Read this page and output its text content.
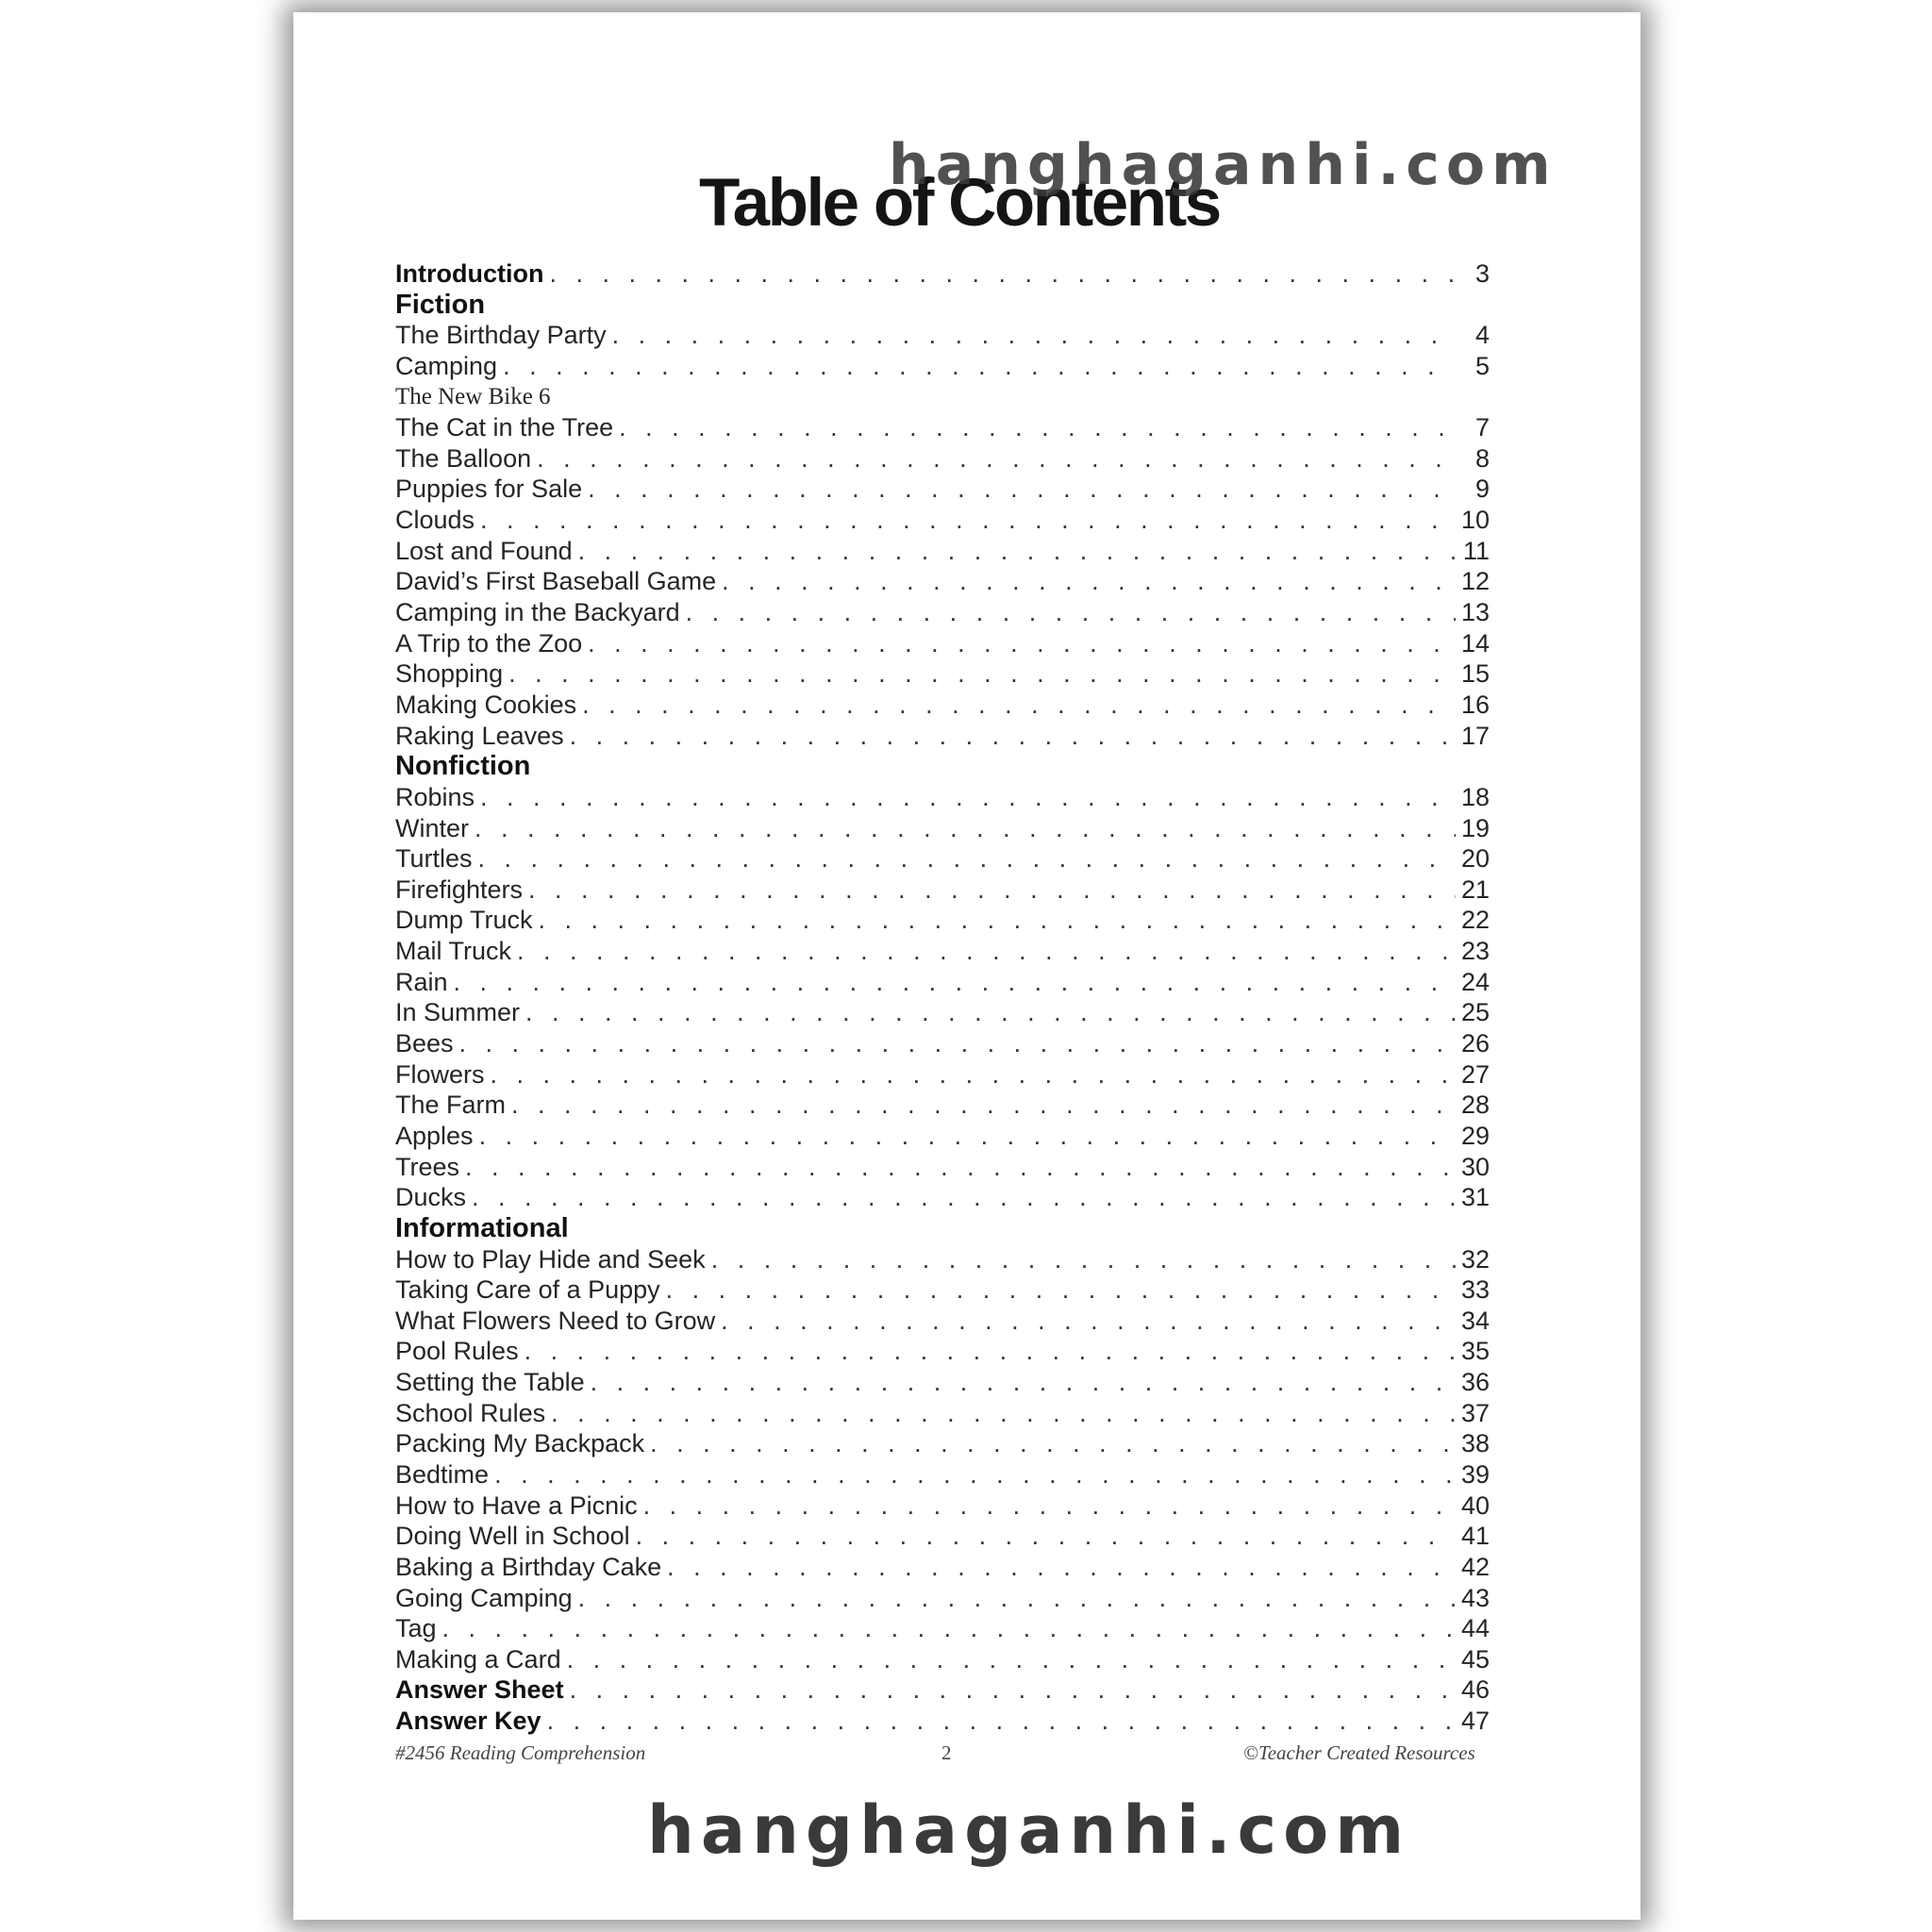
Table of Contents
hanghaganhi.com
Introduction . . .	3
Fiction
The Birthday Party . . .	4
Camping . . .	5
The New Bike 6
The Cat in the Tree . . .	7
The Balloon . . .	8
Puppies for Sale . . .	9
Clouds . . .	10
Lost and Found . . .	11
David’s First Baseball Game . . .	12
Camping in the Backyard . . .	13
A Trip to the Zoo . . .	14
Shopping . . .	15
Making Cookies . . .	16
Raking Leaves . . .	17
Nonfiction
Robins . . .	18
Winter . . .	19
Turtles . . .	20
Firefighters . . .	21
Dump Truck . . .	22
Mail Truck . . .	23
Rain . . .	24
In Summer . . .	25
Bees . . .	26
Flowers . . .	27
The Farm . . .	28
Apples . . .	29
Trees . . .	30
Ducks . . .	31
Informational
How to Play Hide and Seek . . .	32
Taking Care of a Puppy . . .	33
What Flowers Need to Grow . . .	34
Pool Rules . . .	35
Setting the Table . . .	36
School Rules . . .	37
Packing My Backpack . . .	38
Bedtime . . .	39
How to Have a Picnic . . .	40
Doing Well in School . . .	41
Baking a Birthday Cake . . .	42
Going Camping . . .	43
Tag . . .	44
Making a Card . . .	45
Answer Sheet . . .	46
Answer Key . . .	47
#2456 Reading Comprehension	2	©Teacher Created Resources
hanghaganhi.com
